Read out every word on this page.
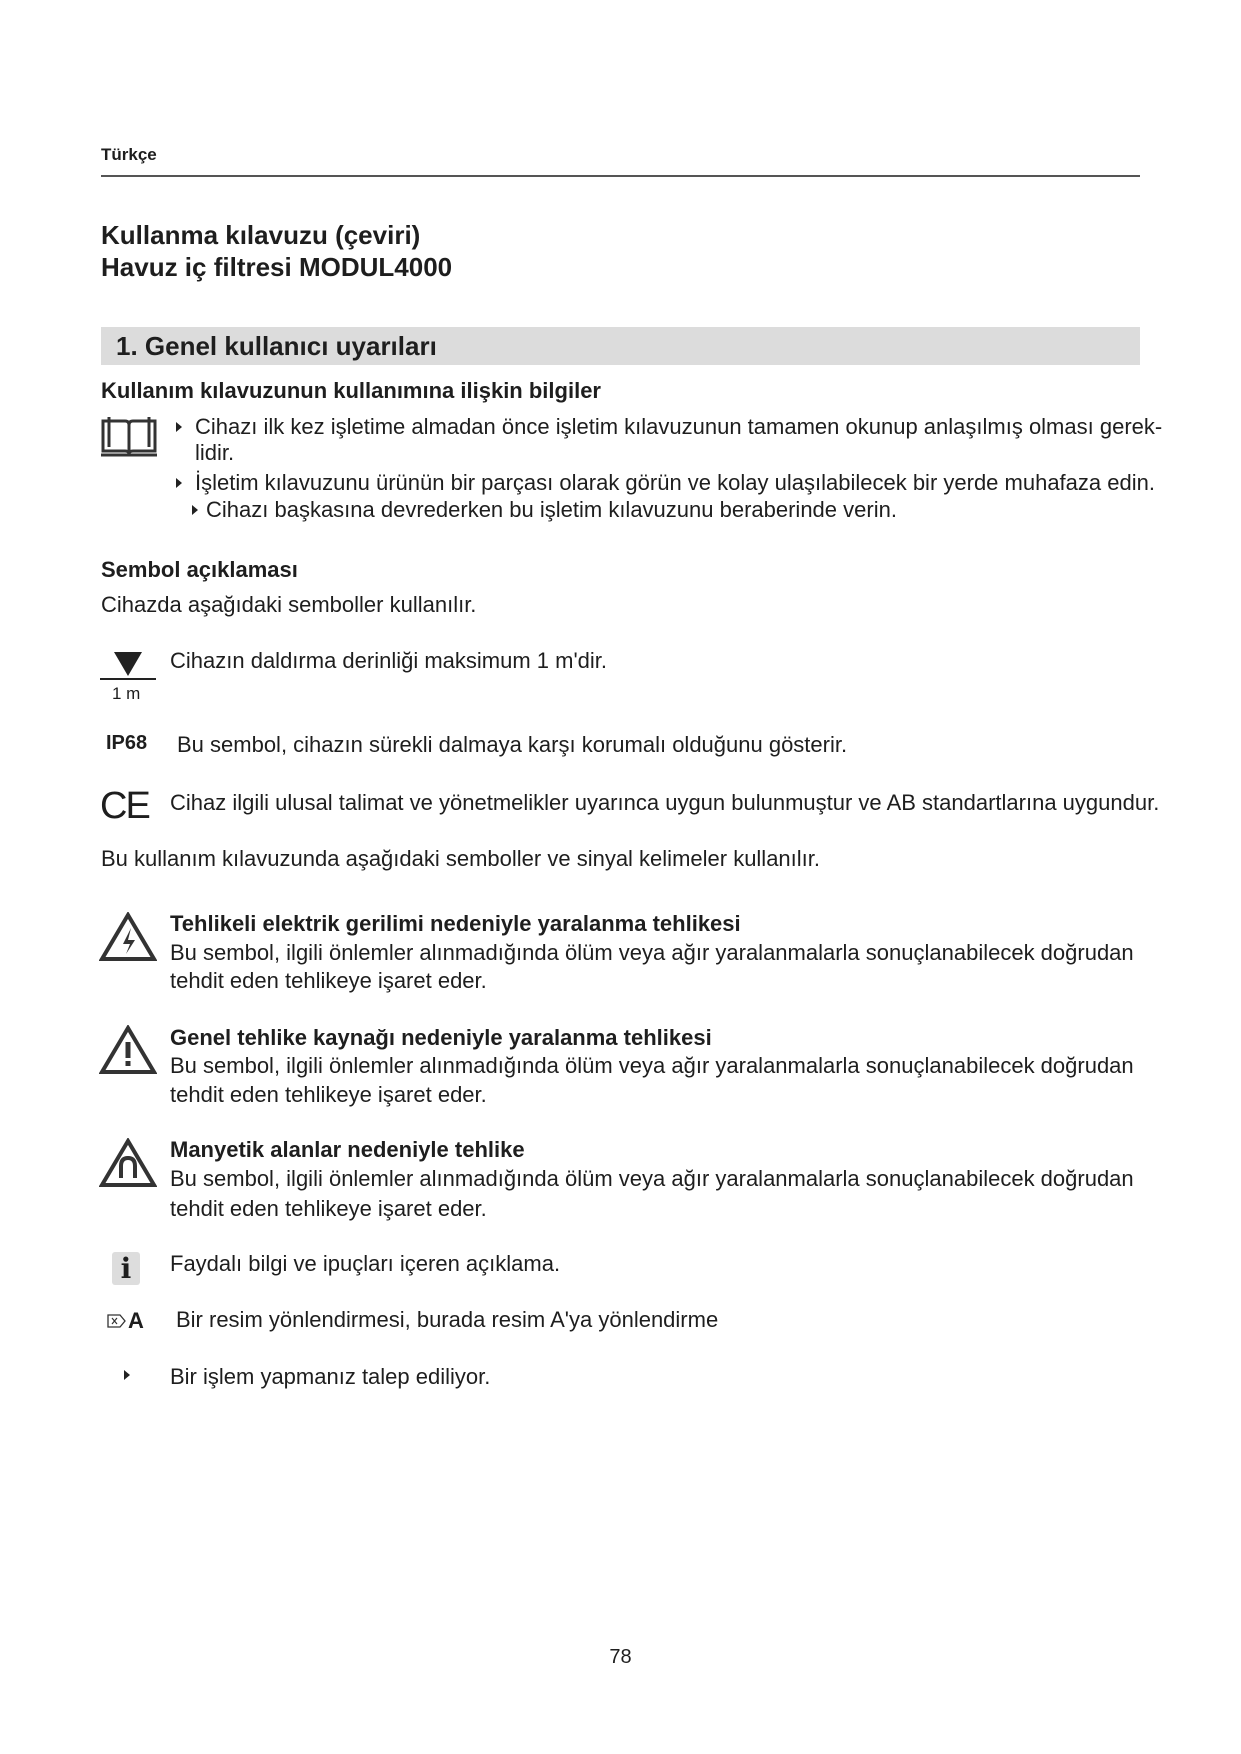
Türkçe
Kullanma kılavuzu (çeviri)
Havuz iç filtresi MODUL4000
1. Genel kullanıcı uyarıları
Kullanım kılavuzunun kullanımına ilişkin bilgiler
Cihazı ilk kez işletime almadan önce işletim kılavuzunun tamamen okunup anlaşılmış olması gerek-
lidir.
İşletim kılavuzunu ürünün bir parçası olarak görün ve kolay ulaşılabilecek bir yerde muhafaza edin.
Cihazı başkasına devrederken bu işletim kılavuzunu beraberinde verin.
Sembol açıklaması
Cihazda aşağıdaki semboller kullanılır.
1 m
Cihazın daldırma derinliği maksimum 1 m'dir.
IP68 Bu sembol, cihazın sürekli dalmaya karşı korumalı olduğunu gösterir.
CE Cihaz ilgili ulusal talimat ve yönetmelikler uyarınca uygun bulunmuştur ve AB standartlarına uygundur.
Bu kullanım kılavuzunda aşağıdaki semboller ve sinyal kelimeler kullanılır.
Tehlikeli elektrik gerilimi nedeniyle yaralanma tehlikesi
Bu sembol, ilgili önlemler alınmadığında ölüm veya ağır yaralanmalarla sonuçlanabilecek doğrudan
tehdit eden tehlikeye işaret eder.
Genel tehlike kaynağı nedeniyle yaralanma tehlikesi
Bu sembol, ilgili önlemler alınmadığında ölüm veya ağır yaralanmalarla sonuçlanabilecek doğrudan
tehdit eden tehlikeye işaret eder.
Manyetik alanlar nedeniyle tehlike
Bu sembol, ilgili önlemler alınmadığında ölüm veya ağır yaralanmalarla sonuçlanabilecek doğrudan
tehdit eden tehlikeye işaret eder.
i	Faydalı bilgi ve ipuçları içeren açıklama.
A Bir resim yönlendirmesi, burada resim A'ya yönlendirme
Bir işlem yapmanız talep ediliyor.
78
